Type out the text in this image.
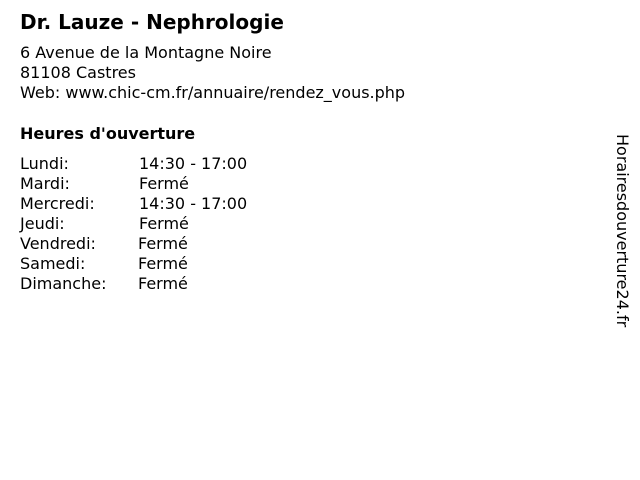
Dr. Lauze - Nephrologie
6 Avenue de la Montagne Noire
81108 Castres
Web: www.chic-cm.fr/annuaire/rendez_vous.php
Heures d'ouverture
Lundi:	14:30 - 17:00
Mardi:	Fermé
Mercredi:	14:30 - 17:00
Jeudi:	Fermé
Vendredi:	Fermé
Samedi:	Fermé
Dimanche: Fermé	Horairesdouverture24.fr
